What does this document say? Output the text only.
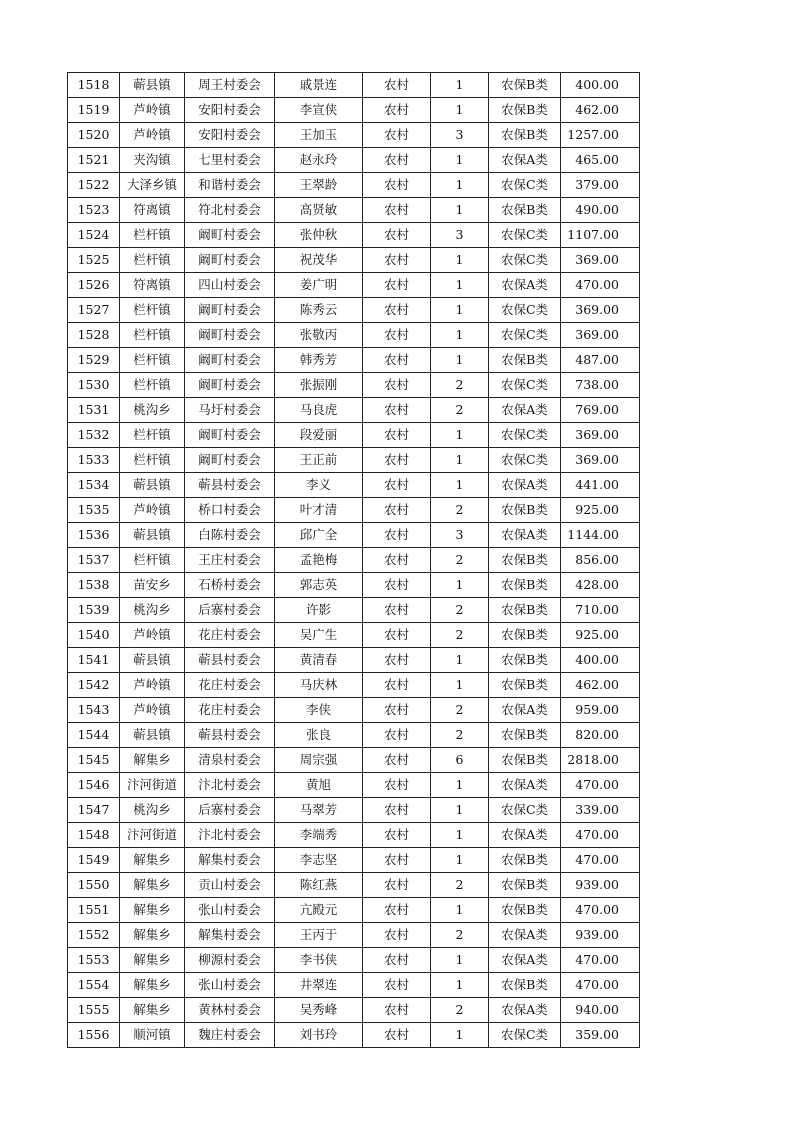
1518	蕲县镇	周王村委会	戚景连	农村	1	农保B类	400.00
1519	芦岭镇	安阳村委会	李宣侠	农村	1	农保B类	462.00
1520	芦岭镇	安阳村委会	王加玉	农村	3	农保B类	1257.00
1521	夹沟镇	七里村委会	赵永玲	农村	1	农保A类	465.00
1522	大泽乡镇	和谐村委会	王翠龄	农村	1	农保C类	379.00
1523	符离镇	符北村委会	高贤敏	农村	1	农保B类	490.00
1524	栏杆镇	阚町村委会	张仲秋	农村	3	农保C类	1107.00
1525	栏杆镇	阚町村委会	祝茂华	农村	1	农保C类	369.00
1526	符离镇	四山村委会	姜广明	农村	1	农保A类	470.00
1527	栏杆镇	阚町村委会	陈秀云	农村	1	农保C类	369.00
1528	栏杆镇	阚町村委会	张敬丙	农村	1	农保C类	369.00
1529	栏杆镇	阚町村委会	韩秀芳	农村	1	农保B类	487.00
1530	栏杆镇	阚町村委会	张振刚	农村	2	农保C类	738.00
1531	桃沟乡	马圩村委会	马良虎	农村	2	农保A类	769.00
1532	栏杆镇	阚町村委会	段爱丽	农村	1	农保C类	369.00
1533	栏杆镇	阚町村委会	王正前	农村	1	农保C类	369.00
1534	蕲县镇	蕲县村委会	李义	农村	1	农保A类	441.00
1535	芦岭镇	桥口村委会	叶才清	农村	2	农保B类	925.00
1536	蕲县镇	白陈村委会	邱广全	农村	3	农保A类	1144.00
1537	栏杆镇	王庄村委会	孟艳梅	农村	2	农保B类	856.00
1538	苗安乡	石桥村委会	郭志英	农村	1	农保B类	428.00
1539	桃沟乡	后寨村委会	许影	农村	2	农保B类	710.00
1540	芦岭镇	花庄村委会	吴广生	农村	2	农保B类	925.00
1541	蕲县镇	蕲县村委会	黄清春	农村	1	农保B类	400.00
1542	芦岭镇	花庄村委会	马庆林	农村	1	农保B类	462.00
1543	芦岭镇	花庄村委会	李侠	农村	2	农保A类	959.00
1544	蕲县镇	蕲县村委会	张良	农村	2	农保B类	820.00
1545	解集乡	清泉村委会	周宗强	农村	6	农保B类	2818.00
1546	汴河街道	汴北村委会	黄旭	农村	1	农保A类	470.00
1547	桃沟乡	后寨村委会	马翠芳	农村	1	农保C类	339.00
1548	汴河街道	汴北村委会	李端秀	农村	1	农保A类	470.00
1549	解集乡	解集村委会	李志坚	农村	1	农保B类	470.00
1550	解集乡	贡山村委会	陈红燕	农村	2	农保B类	939.00
1551	解集乡	张山村委会	亢殿元	农村	1	农保B类	470.00
1552	解集乡	解集村委会	王丙于	农村	2	农保A类	939.00
1553	解集乡	柳源村委会	李书侠	农村	1	农保A类	470.00
1554	解集乡	张山村委会	井翠连	农村	1	农保B类	470.00
1555	解集乡	黄林村委会	吴秀峰	农村	2	农保A类	940.00
1556	顺河镇	魏庄村委会	刘书玲	农村	1	农保C类	359.00
